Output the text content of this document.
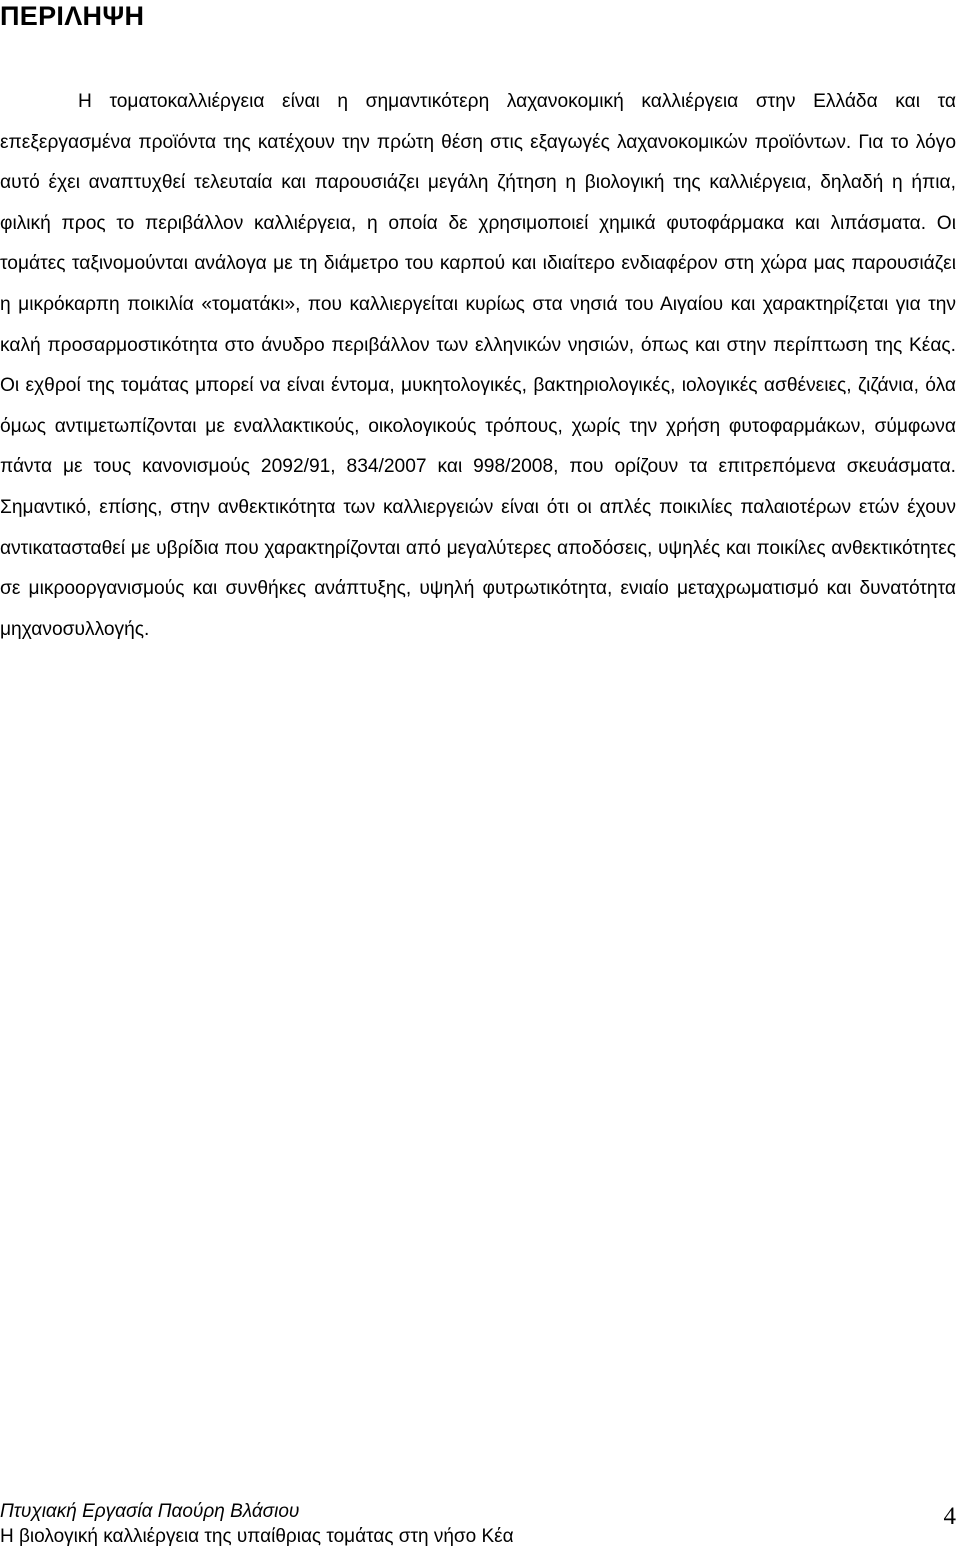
ΠΕΡΙΛΗΨΗ

Η τοματοκαλλιέργεια είναι η σημαντικότερη λαχανοκομική καλλιέργεια στην Ελλάδα και τα επεξεργασμένα προϊόντα της κατέχουν την πρώτη θέση στις εξαγωγές λαχανοκομικών προϊόντων. Για το λόγο αυτό έχει αναπτυχθεί τελευταία και παρουσιάζει μεγάλη ζήτηση η βιολογική της καλλιέργεια, δηλαδή η ήπια, φιλική προς το περιβάλλον καλλιέργεια, η οποία δε χρησιμοποιεί χημικά φυτοφάρμακα και λιπάσματα. Οι τομάτες ταξινομούνται ανάλογα με τη διάμετρο του καρπού και ιδιαίτερο ενδιαφέρον στη χώρα μας παρουσιάζει η μικρόκαρπη ποικιλία «τοματάκι», που καλλιεργείται κυρίως στα νησιά του Αιγαίου και χαρακτηρίζεται για την καλή προσαρμοστικότητα στο άνυδρο περιβάλλον των ελληνικών νησιών, όπως και στην περίπτωση της Κέας. Οι εχθροί της τομάτας μπορεί να είναι έντομα, μυκητολογικές, βακτηριολογικές, ιολογικές ασθένειες, ζιζάνια, όλα όμως αντιμετωπίζονται με εναλλακτικούς, οικολογικούς τρόπους, χωρίς την χρήση φυτοφαρμάκων, σύμφωνα πάντα με τους κανονισμούς 2092/91, 834/2007 και 998/2008, που ορίζουν τα επιτρεπόμενα σκευάσματα. Σημαντικό, επίσης, στην ανθεκτικότητα των καλλιεργειών είναι ότι οι απλές ποικιλίες παλαιοτέρων ετών έχουν αντικατασταθεί με υβρίδια που χαρακτηρίζονται από μεγαλύτερες αποδόσεις, υψηλές και ποικίλες ανθεκτικότητες σε μικροοργανισμούς και συνθήκες ανάπτυξης, υψηλή φυτρωτικότητα, ενιαίο μεταχρωματισμό και δυνατότητα μηχανοσυλλογής.

Πτυχιακή Εργασία Παούρη Βλάσιου
Η βιολογική καλλιέργεια της υπαίθριας τομάτας στη νήσο Κέα
4
